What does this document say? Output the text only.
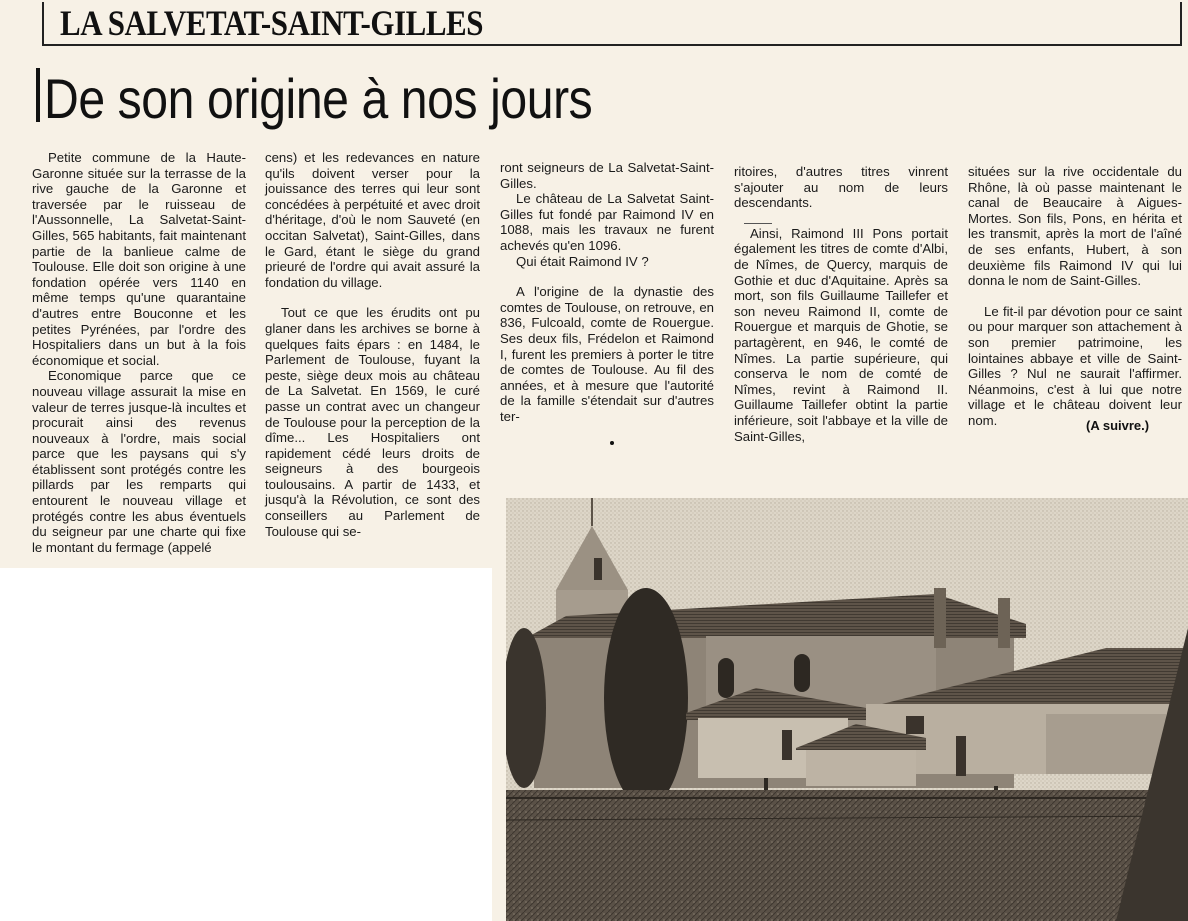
LA SALVETAT-SAINT-GILLES
De son origine à nos jours

Petite commune de la Haute-Garonne située sur la terrasse de la rive gauche de la Garonne et traversée par le ruisseau de l'Aussonnelle, La Salvetat-Saint-Gilles, 565 habitants, fait maintenant partie de la banlieue calme de Toulouse. Elle doit son origine à une fondation opérée vers 1140 en même temps qu'une quarantaine d'autres entre Bouconne et les petites Pyrénées, par l'ordre des Hospitaliers dans un but à la fois économique et social.

Economique parce que ce nouveau village assurait la mise en valeur de terres jusque-là incultes et procurait ainsi des revenus nouveaux à l'ordre, mais social parce que les paysans qui s'y établissent sont protégés contre les pillards par les remparts qui entourent le nouveau village et protégés contre les abus éventuels du seigneur par une charte qui fixe le montant du fermage (appelé

cens) et les redevances en nature qu'ils doivent verser pour la jouissance des terres qui leur sont concédées à perpétuité et avec droit d'héritage, d'où le nom Sauveté (en occitan Salvetat), Saint-Gilles, dans le Gard, étant le siège du grand prieuré de l'ordre qui avait assuré la fondation du village.

Tout ce que les érudits ont pu glaner dans les archives se borne à quelques faits épars : en 1484, le Parlement de Toulouse, fuyant la peste, siège deux mois au château de La Salvetat. En 1569, le curé passe un contrat avec un changeur de Toulouse pour la perception de la dîme... Les Hospitaliers ont rapidement cédé leurs droits de seigneurs à des bourgeois toulousains. A partir de 1433, et jusqu'à la Révolution, ce sont des conseillers au Parlement de Toulouse qui se-

ront seigneurs de La Salvetat-Saint-Gilles.

Le château de La Salvetat Saint-Gilles fut fondé par Raimond IV en 1088, mais les travaux ne furent achevés qu'en 1096.

Qui était Raimond IV ?

A l'origine de la dynastie des comtes de Toulouse, on retrouve, en 836, Fulcoald, comte de Rouergue. Ses deux fils, Frédelon et Raimond I, furent les premiers à porter le titre de comtes de Toulouse. Au fil des années, et à mesure que l'autorité de la famille s'étendait sur d'autres ter-

ritoires, d'autres titres vinrent s'ajouter au nom de leurs descendants.

Ainsi, Raimond III Pons portait également les titres de comte d'Albi, de Nîmes, de Quercy, marquis de Gothie et duc d'Aquitaine. Après sa mort, son fils Guillaume Taillefer et son neveu Raimond II, comte de Rouergue et marquis de Ghotie, se partagèrent, en 946, le comté de Nîmes. La partie supérieure, qui conserva le nom de comté de Nîmes, revint à Raimond II. Guillaume Taillefer obtint la partie inférieure, soit l'abbaye et la ville de Saint-Gilles,

situées sur la rive occidentale du Rhône, là où passe maintenant le canal de Beaucaire à Aigues-Mortes. Son fils, Pons, en hérita et les transmit, après la mort de l'aîné de ses enfants, Hubert, à son deuxième fils Raimond IV qui lui donna le nom de Saint-Gilles.

Le fit-il par dévotion pour ce saint ou pour marquer son attachement à son premier patrimoine, les lointaines abbaye et ville de Saint-Gilles ? Nul ne saurait l'affirmer. Néanmoins, c'est à lui que notre village et le château doivent leur nom.	(A suivre.)
